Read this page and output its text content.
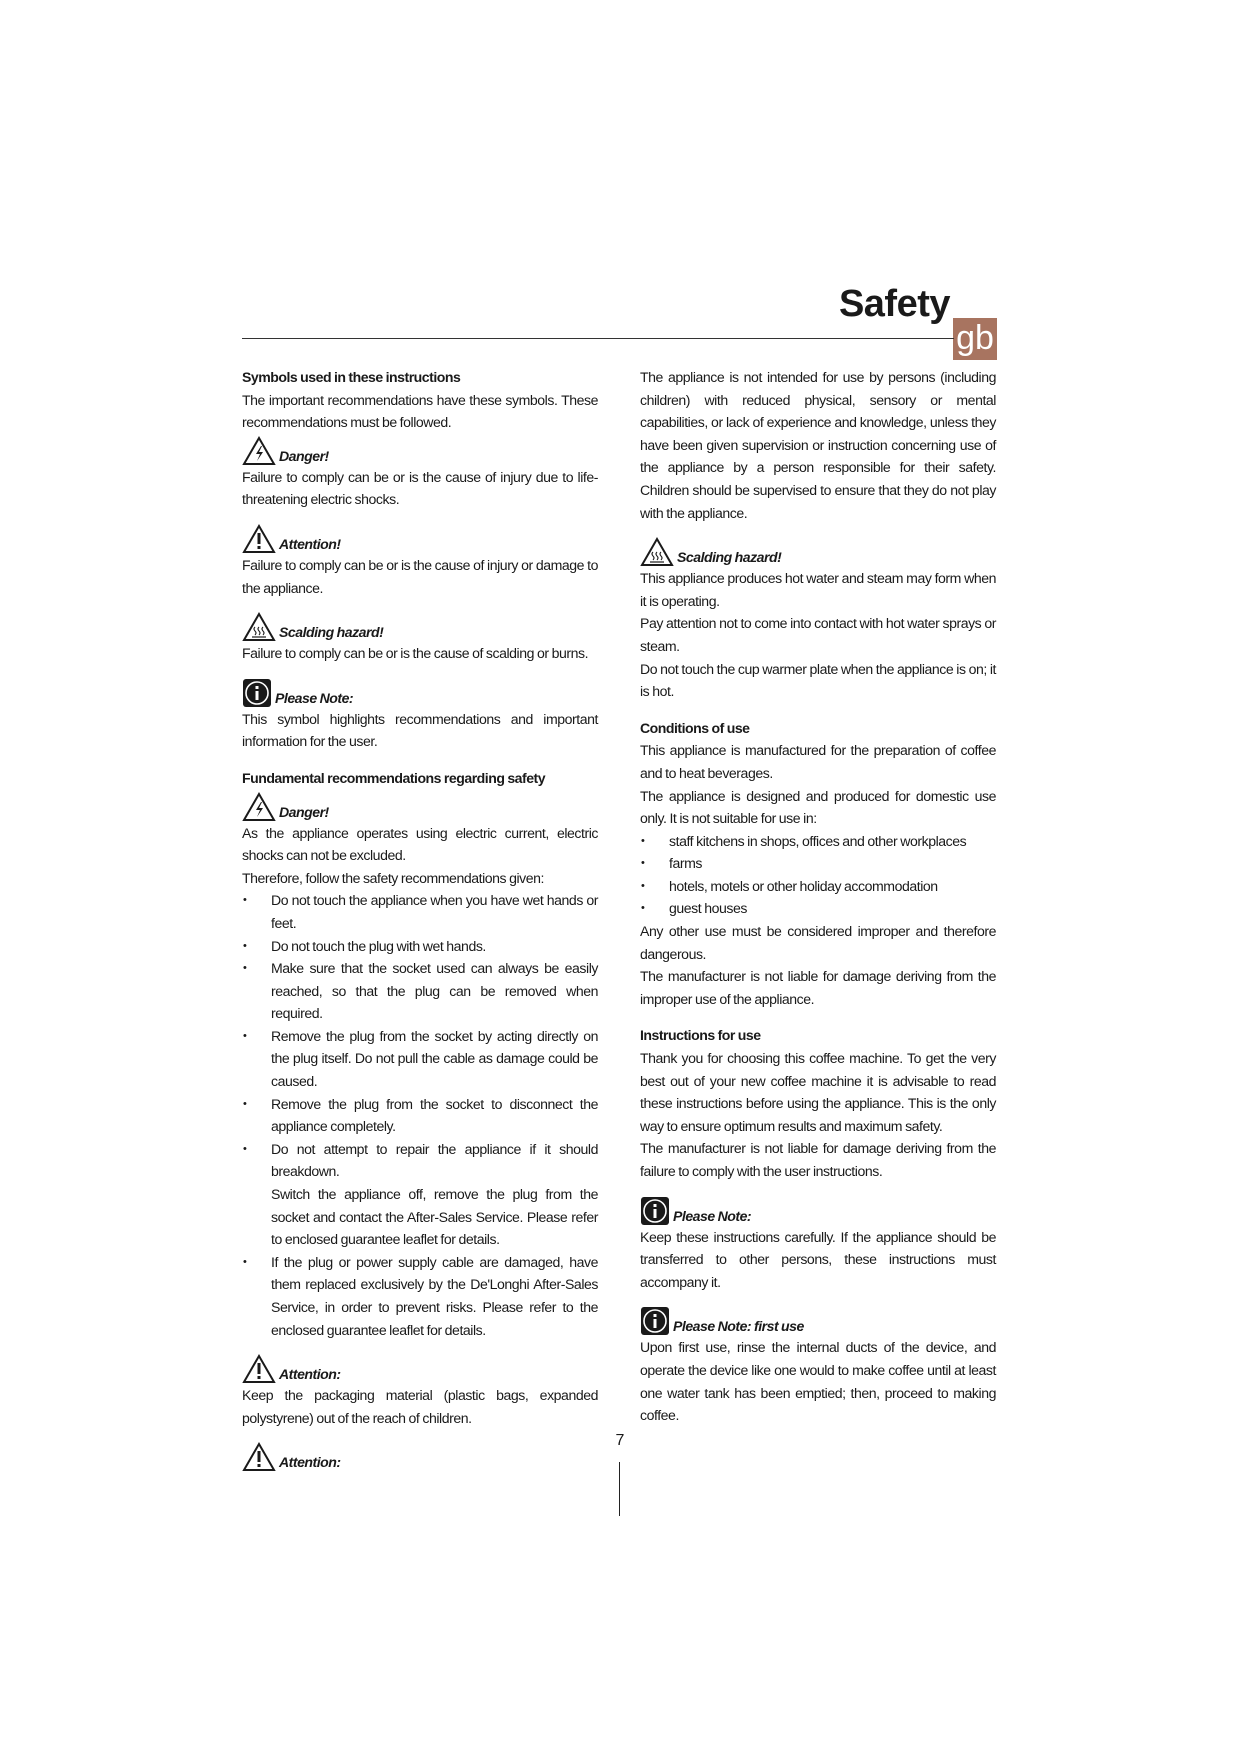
Safety
gb

Symbols used in these instructions

The important recommendations have these symbols. These recommendations must be followed.

Danger!

Failure to comply can be or is the cause of injury due to life-threatening electric shocks.

Attention!

Failure to comply can be or is the cause of injury or damage to the appliance.

Scalding hazard!

Failure to comply can be or is the cause of scalding or burns.

Please Note:

This symbol highlights recommendations and important information for the user.

Fundamental recommendations regarding safety

Danger!

As the appliance operates using electric current, electric shocks can not be excluded.

Therefore, follow the safety recommendations given:

• Do not touch the appliance when you have wet hands or feet.
• Do not touch the plug with wet hands.
• Make sure that the socket used can always be easily reached, so that the plug can be removed when required.
• Remove the plug from the socket by acting directly on the plug itself. Do not pull the cable as damage could be caused.
• Remove the plug from the socket to disconnect the appliance completely.
• Do not attempt to repair the appliance if it should breakdown.
Switch the appliance off, remove the plug from the socket and contact the After-Sales Service. Please refer to enclosed guarantee leaflet for details.
• If the plug or power supply cable are damaged, have them replaced exclusively by the De'Longhi After-Sales Service, in order to prevent risks. Please refer to the enclosed guarantee leaflet for details.
Attention:

Keep the packaging material (plastic bags, expanded polystyrene) out of the reach of children.

Attention:

The appliance is not intended for use by persons (including children) with reduced physical, sensory or mental capabilities, or lack of experience and knowledge, unless they have been given supervision or instruction concerning use of the appliance by a person responsible for their safety. Children should be supervised to ensure that they do not play with the appliance.

Scalding hazard!

This appliance produces hot water and steam may form when it is operating.

Pay attention not to come into contact with hot water sprays or steam.

Do not touch the cup warmer plate when the appliance is on; it is hot.

Conditions of use

This appliance is manufactured for the preparation of coffee and to heat beverages.

The appliance is designed and produced for domestic use only. It is not suitable for use in:

• staff kitchens in shops, offices and other workplaces
• farms
• hotels, motels or other holiday accommodation
• guest houses

Any other use must be considered improper and therefore dangerous.

The manufacturer is not liable for damage deriving from the improper use of the appliance.

Instructions for use

Thank you for choosing this coffee machine. To get the very best out of your new coffee machine it is advisable to read these instructions before using the appliance. This is the only way to ensure optimum results and maximum safety.

The manufacturer is not liable for damage deriving from the failure to comply with the user instructions.

Please Note:

Keep these instructions carefully. If the appliance should be transferred to other persons, these instructions must accompany it.

Please Note: first use

Upon first use, rinse the internal ducts of the device, and operate the device like one would to make coffee until at least one water tank has been emptied; then, proceed to making coffee.

7
